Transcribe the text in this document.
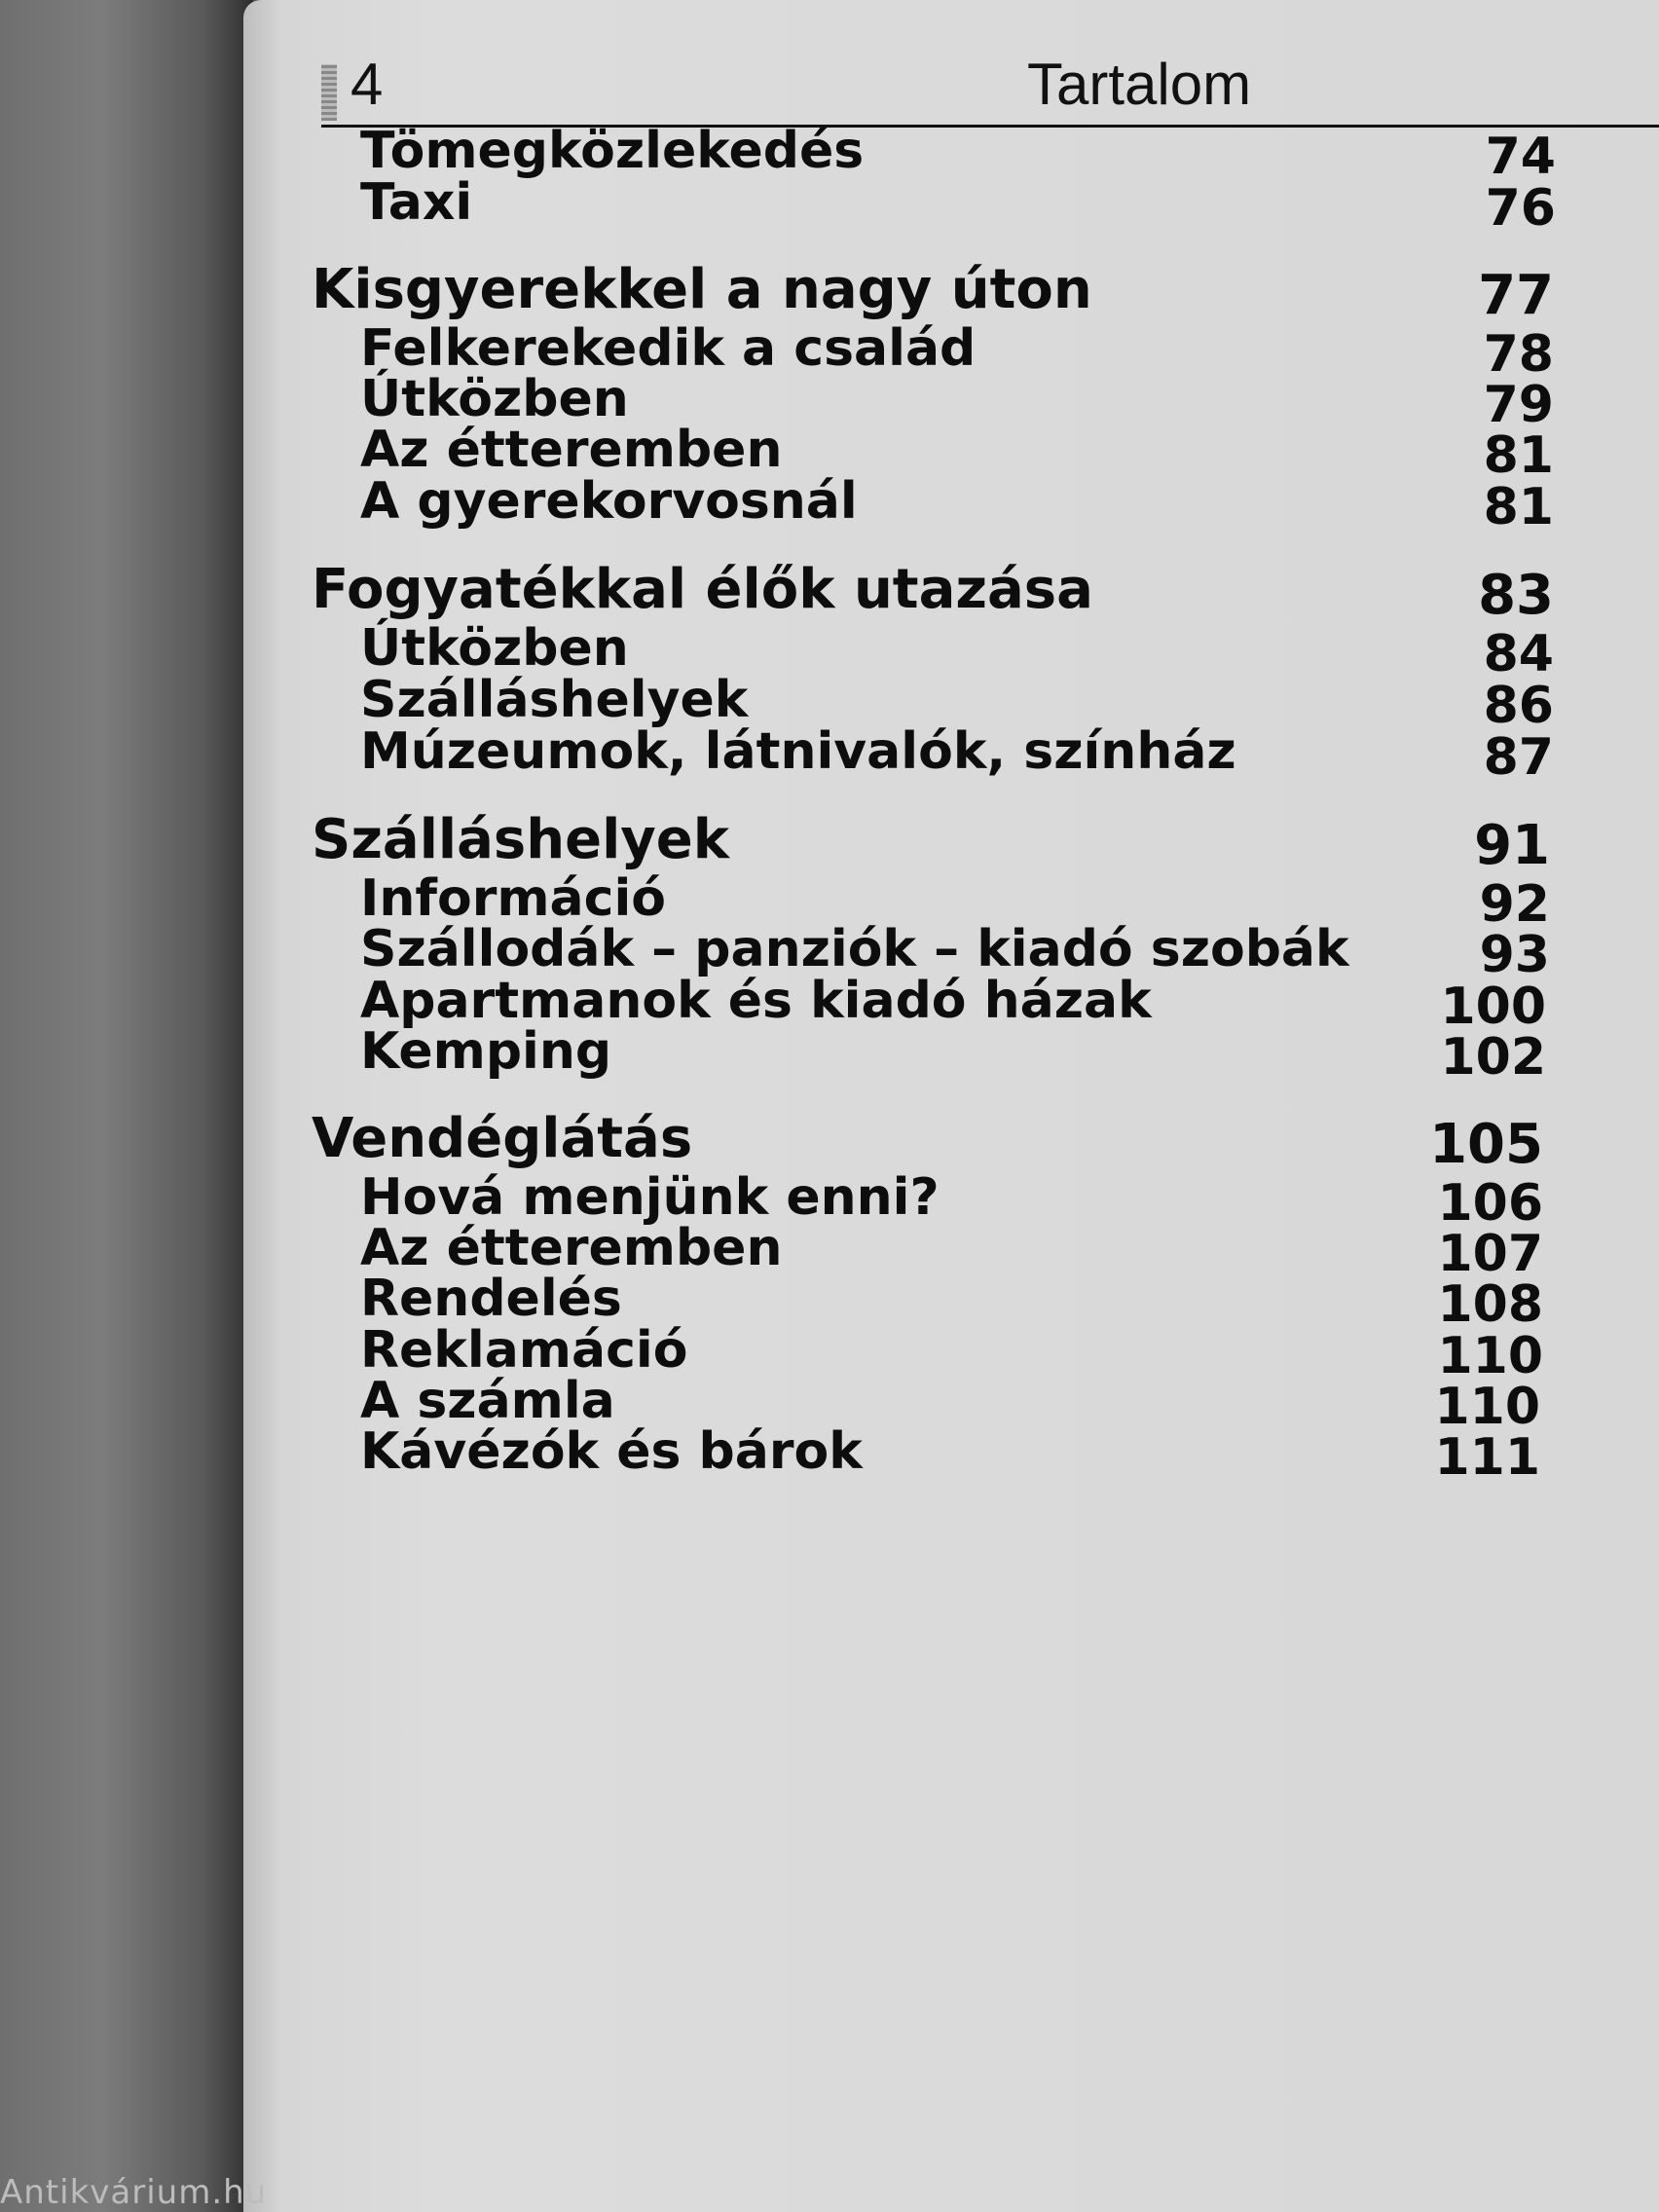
4	Tartalom
Tömegközlekedés	74
Taxi	76
Kisgyerekkel a nagy úton	77
Felkerekedik a család	78
Útközben	79
Az étteremben	81
A gyerekorvosnál	81
Fogyatékkal élők utazása	83
Útközben	84
Szálláshelyek	86
Múzeumok, látnivalók, színház	87
Szálláshelyek	91
Információ	92
Szállodák – panziók – kiadó szobák	93
Apartmanok és kiadó házak	100
Kemping	102
Vendéglátás	105
Hová menjünk enni?	106
Az étteremben	107
Rendelés	108
Reklamáció	110
A számla	110
Kávézók és bárok	111
Antikvárium.hu
